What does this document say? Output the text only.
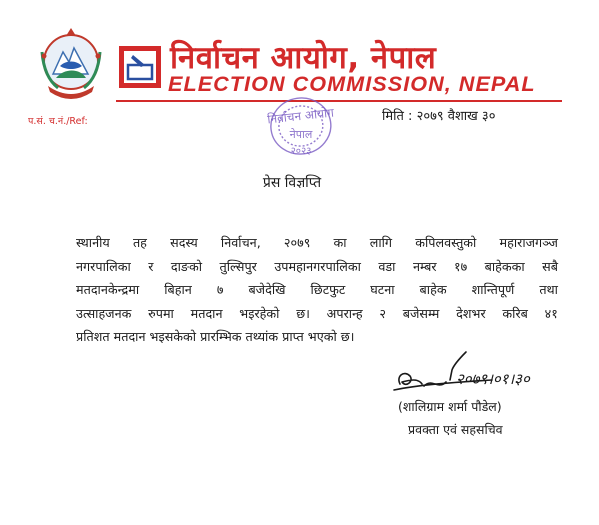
निर्वाचन आयोग, नेपाल
ELECTION COMMISSION, NEPAL
प.सं. च.नं./Ref:	निर्वाचन आयोग
नेपाल
२०२३
मिति : २०७९ वैशाख ३०
प्रेस विज्ञप्ति
स्थानीय तह सदस्य निर्वाचन, २०७९ का लागि कपिलवस्तुको महाराजगञ्ज
नगरपालिका र दाङको तुल्सिपुर उपमहानगरपालिका वडा नम्बर १७ बाहेकका सबै
मतदानकेन्द्रमा बिहान ७ बजेदेखि छिटफुट घटना बाहेक शान्तिपूर्ण तथा
उत्साहजनक रुपमा मतदान भइरहेको छ। अपरान्ह २ बजेसम्म देशभर करिब ४१
प्रतिशत मतदान भइसकेको प्रारम्भिक तथ्यांक प्राप्त भएको छ।
२०७९।०१।३०
(शालिग्राम शर्मा पौडेल)
प्रवक्ता एवं सहसचिव
